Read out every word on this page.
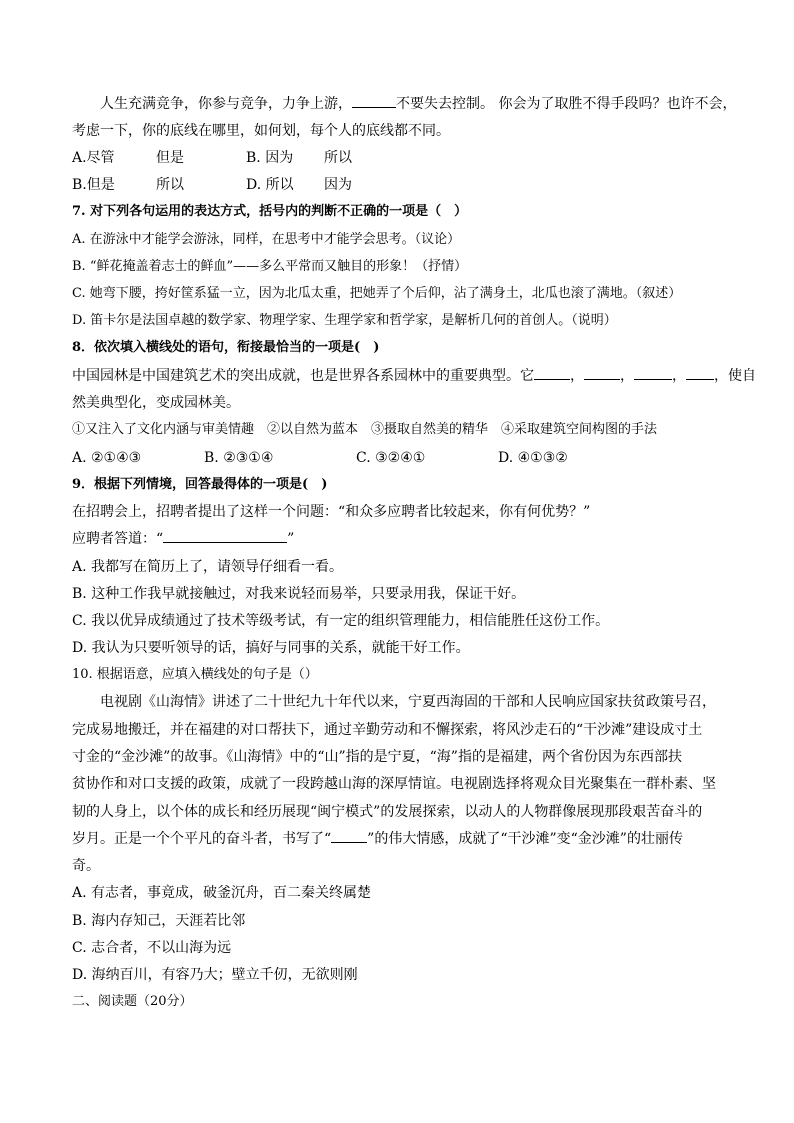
人生充满竞争，你参与竞争，力争上游，	不要失去控制。 你会为了取胜不得手段吗？也许不会，
考虑一下，你的底线在哪里，如何划，每个人的底线都不同。
A.尽管	但是	B. 因为 所以
B.但是	所以	D. 所以 因为
7. 对下列各句运用的表达方式，括号内的判断不正确的一项是（　）
A. 在游泳中才能学会游泳，同样，在思考中才能学会思考。（议论）
B. “鲜花掩盖着志士的鲜血”——多么平常而又触目的形象！（抒情）
C. 她弯下腰，挎好筐系猛一立，因为北瓜太重，把她弄了个后仰，沾了满身土，北瓜也滚了满地。（叙述）
D. 笛卡尔是法国卓越的数学家、物理学家、生理学家和哲学家，是解析几何的首创人。（说明）
8．依次填入横线处的语句，衔接最恰当的一项是(　)
中国园林是中国建筑艺术的突出成就，也是世界各系园林中的重要典型。它	，	，	， ，使自
然美典型化，变成园林美。
①又注入了文化内涵与审美情趣　②以自然为蓝本　③摄取自然美的精华　④采取建筑空间构图的手法
A. ②①④③	B. ②③①④	C. ③②④①	D. ④①③②
9．根据下列情境，回答最得体的一项是(　)
在招聘会上，招聘者提出了这样一个问题：“和众多应聘者比较起来，你有何优势？”
应聘者答道：“	”
A. 我都写在简历上了，请领导仔细看一看。
B. 这种工作我早就接触过，对我来说轻而易举，只要录用我，保证干好。
C. 我以优异成绩通过了技术等级考试，有一定的组织管理能力，相信能胜任这份工作。
D. 我认为只要听领导的话，搞好与同事的关系，就能干好工作。
10. 根据语意，应填入横线处的句子是（）
电视剧《山海情》讲述了二十世纪九十年代以来，宁夏西海固的干部和人民响应国家扶贫政策号召，
完成易地搬迁，并在福建的对口帮扶下，通过辛勤劳动和不懈探索，将风沙走石的“干沙滩”建设成寸土
寸金的“金沙滩”的故事。《山海情》中的“山”指的是宁夏，“海”指的是福建，两个省份因为东西部扶
贫协作和对口支援的政策，成就了一段跨越山海的深厚情谊。电视剧选择将观众目光聚集在一群朴素、坚
韧的人身上，以个体的成长和经历展现“闽宁模式”的发展探索，以动人的人物群像展现那段艰苦奋斗的
岁月。正是一个个平凡的奋斗者，书写了“	”的伟大情感，成就了“干沙滩”变“金沙滩”的壮丽传
奇。
A. 有志者，事竟成，破釜沉舟，百二秦关终属楚
B. 海内存知己，天涯若比邻
C. 志合者，不以山海为远
D. 海纳百川，有容乃大；壁立千仞，无欲则刚
二、阅读题（20分）
